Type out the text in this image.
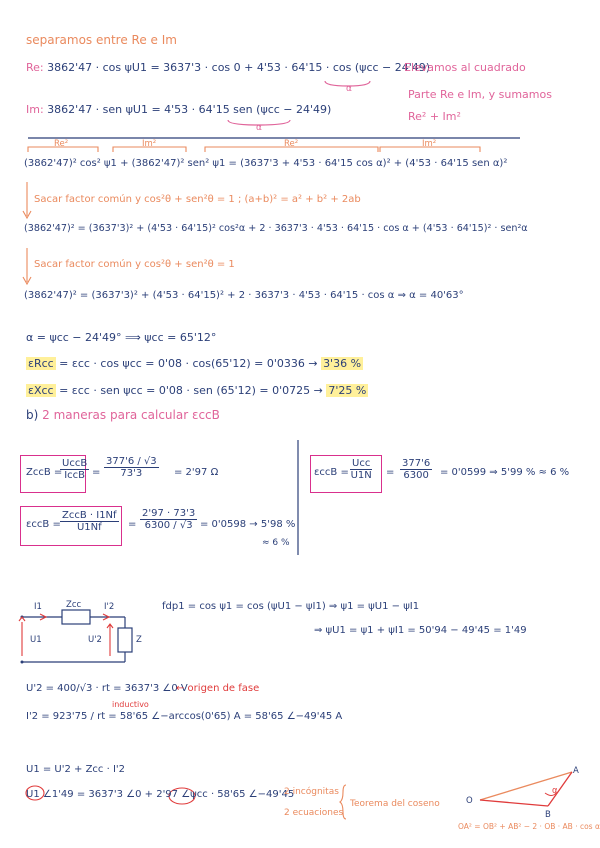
separamos entre Re e Im
Re: 3862'47 · cos ψU1 = 3637'3 · cos 0 + 4'53 · 64'15 · cos (ψcc − 24'49)
Elevamos al cuadrado
α
Im: 3862'47 · sen ψU1 = 4'53 · 64'15 sen (ψcc − 24'49)
Parte Re e Im, y sumamos
Re² + Im²
α
Re²	Im²	Re²	Im²
(3862'47)² cos² ψ1 + (3862'47)² sen² ψ1 = (3637'3 + 4'53 · 64'15 cos α)² + (4'53 · 64'15 sen α)²
Sacar factor común y cos²θ + sen²θ = 1 ; (a+b)² = a² + b² + 2ab
(3862'47)² = (3637'3)² + (4'53 · 64'15)² cos²α + 2 · 3637'3 · 4'53 · 64'15 · cos α + (4'53 · 64'15)² · sen²α
Sacar factor común y cos²θ + sen²θ = 1
(3862'47)² = (3637'3)² + (4'53 · 64'15)² + 2 · 3637'3 · 4'53 · 64'15 · cos α ⇒ α = 40'63°
α = ψcc − 24'49° ⟹ ψcc = 65'12°
εRcc = εcc · cos ψcc = 0'08 · cos(65'12) = 0'0336 → 3'36 %
εXcc = εcc · sen ψcc = 0'08 · sen (65'12) = 0'0725 → 7'25 %
b) 2 maneras para calcular εccB
ZccB =
UccB
IccB = $\frac{377'6 / √3}{73'3} = 2'97$ Ω
εccB =
ZccB · I1Nf
U1Nf	= $\frac{2'97 \cdot 73'3}{6300 / √3} = 0'0598 \to 5'98$ %
≈ 6 %
εccB =
Ucc
$U1N = \frac{377'6}{6300} = 0'0599$ ⇒ 5'99 % ≈ 6 %
I1	Zcc	I'2
U1	U'2	Z
fdp1 = cos ψ1 = cos (ψU1 − ψI1) ⇒ ψ1 = ψU1 − ψI1
⇒ ψU1 = ψ1 + ψI1 = 50'94 − 49'45 = 1'49
U'2 = 400/√3 · rt = 3637'3 ∠0 V
← origen de fase
inductivo
I'2 = 923'75 / rt = 58'65 ∠−arccos(0'65) A = 58'65 ∠−49'45 A
U1 = U'2 + Zcc · I'2
U1 ∠1'49 = 3637'3 ∠0 + 2'97 ∠ψcc · 58'65 ∠−49'45
2 incógnitas
2 ecuaciones
Teorema del coseno	O
A
B
α
OA² = OB² + AB² − 2 · OB · AB · cos α
